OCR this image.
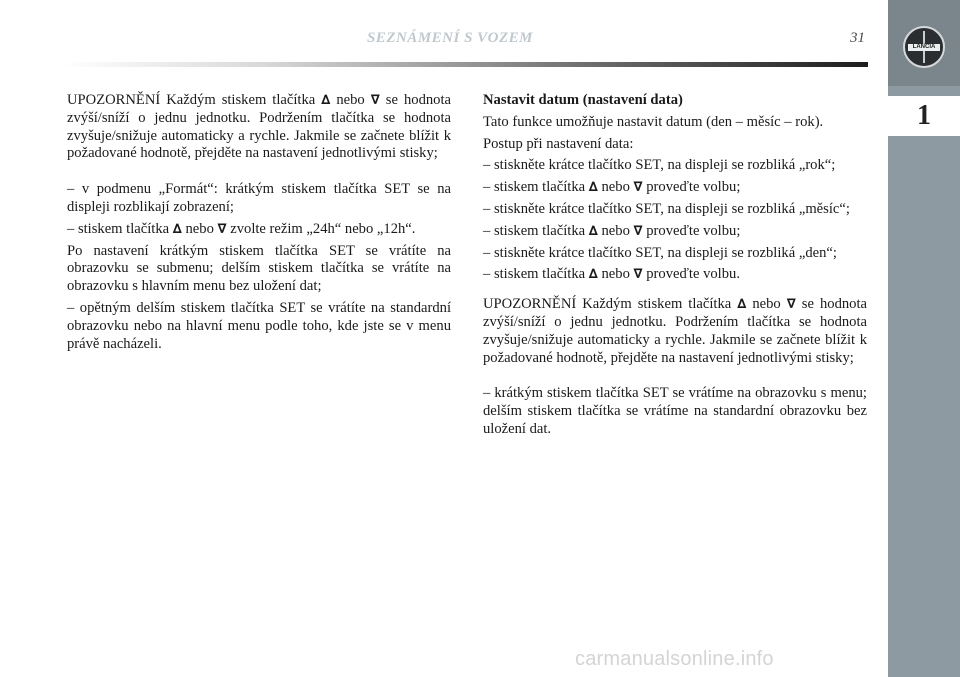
SEZNÁMENÍ S VOZEM	31

UPOZORNĚNÍ Každým stiskem tlačítka ∆ nebo ∇ se hodnota zvýší/sníží o jednu jednotku. Podržením tlačítka se hodnota zvyšuje/snižuje automaticky a rychle. Jakmile se začnete blížit k požadované hodnotě, přejděte na nastavení jednotlivými stisky;

– v podmenu „Formát“: krátkým stiskem tlačítka SET se na displeji rozblikají zobrazení;

– stiskem tlačítka ∆ nebo ∇ zvolte režim „24h“ nebo „12h“.

Po nastavení krátkým stiskem tlačítka SET se vrátíte na obrazovku se submenu; delším stiskem tlačítka se vrátíte na obrazovku s hlavním menu bez uložení dat;

– opětným delším stiskem tlačítka SET se vrátíte na standardní obrazovku nebo na hlavní menu podle toho, kde jste se v menu právě nacházeli.

Nastavit datum (nastavení data)

Tato funkce umožňuje nastavit datum (den – měsíc – rok).

Postup při nastavení data:

– stiskněte krátce tlačítko SET, na displeji se rozbliká „rok“;

– stiskem tlačítka ∆ nebo ∇ proveďte volbu;

– stiskněte krátce tlačítko SET, na displeji se rozbliká „měsíc“;

– stiskem tlačítka ∆ nebo ∇ proveďte volbu;

– stiskněte krátce tlačítko SET, na displeji se rozbliká „den“;

– stiskem tlačítka ∆ nebo ∇ proveďte volbu.

UPOZORNĚNÍ Každým stiskem tlačítka ∆ nebo ∇ se hodnota zvýší/sníží o jednu jednotku. Podržením tlačítka se hodnota zvyšuje/snižuje automaticky a rychle. Jakmile se začnete blížit k požadované hodnotě, přejděte na nastavení jednotlivými stisky;

– krátkým stiskem tlačítka SET se vrátíme na obrazovku s menu; delším stiskem tlačítka se vrátíme na standardní obrazovku bez uložení dat.

carmanualsonline.info
LANCIA
1
